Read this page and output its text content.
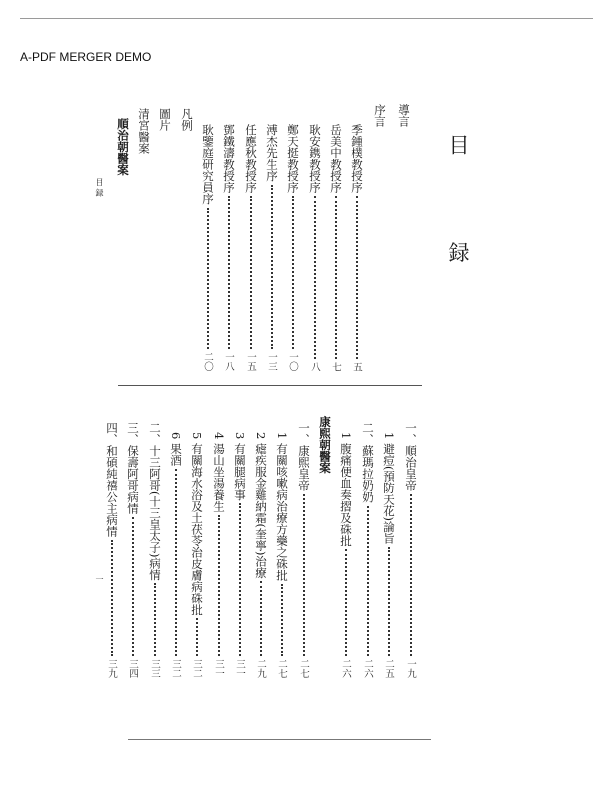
A-PDF MERGER DEMO
目 録
目 録
一
導言
序言
季鍾樸教授序
五
岳美中教授序
七
耿安鎸教授序
八
鄭天挺教授序
一〇
溥杰先生序
一三
任應秋教授序
一五
鄧鐵濤教授序
一八
耿鑒庭研究員序
二〇
凡例
圖片
清宮醫案
順治朝醫案
一、順治皇帝
一九
1 避痘(預防天花)論旨
二五
二、蘇瑪拉奶奶
二六
1 腹痛便血奏摺及硃批
二六
康熙朝醫案
一、康熙皇帝
二七
1 有關咳嗽病治療方藥之硃批
二七
2 瘧疾服金雞納霜(奎寧)治療
二九
3 有關腿病事
三一
4 湯山坐湯養生
三一
5 有關海水浴及土茯苓治皮膚病硃批
三二
6 果酒
三二
二、十三阿哥(十三皇太子)病情
三三
三、保壽阿哥病情
三四
四、和碩純禧公主病情
三九
